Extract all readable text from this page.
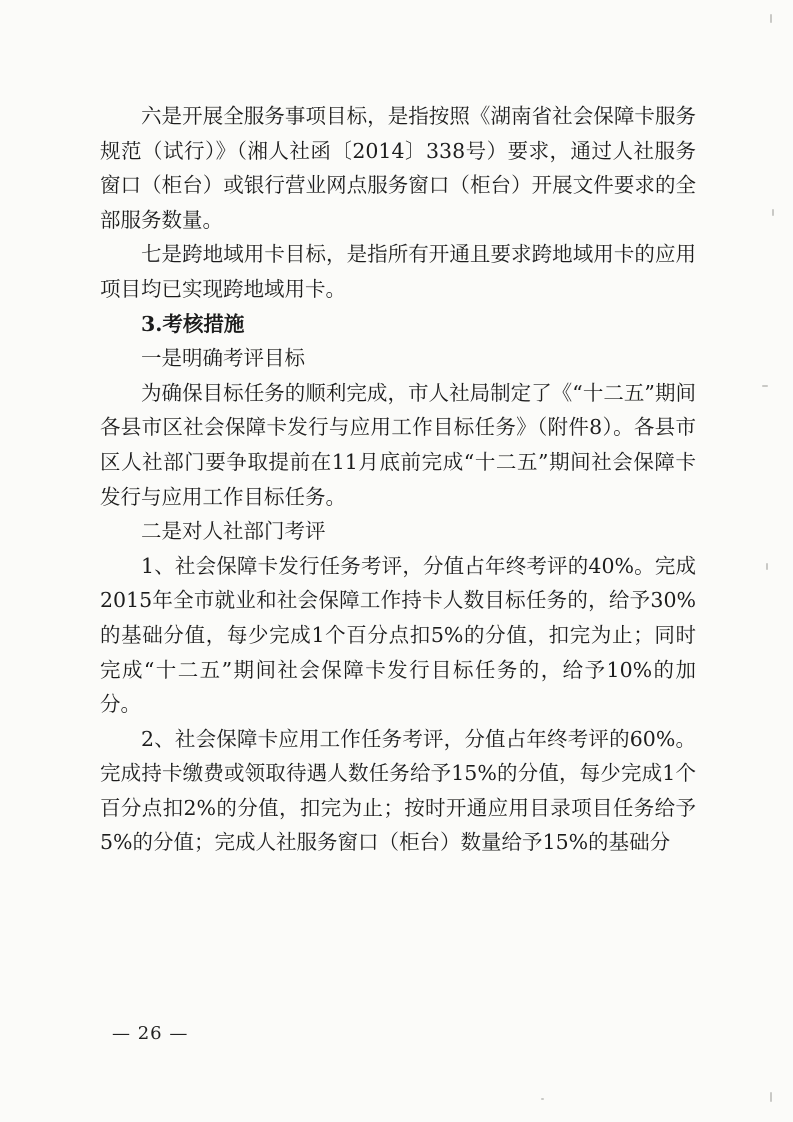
六是开展全服务事项目标，是指按照《湖南省社会保障卡服务规范（试行）》（湘人社函〔2014〕338号）要求，通过人社服务窗口（柜台）或银行营业网点服务窗口（柜台）开展文件要求的全部服务数量。

七是跨地域用卡目标，是指所有开通且要求跨地域用卡的应用项目均已实现跨地域用卡。

3.考核措施

一是明确考评目标

为确保目标任务的顺利完成，市人社局制定了《“十二五”期间各县市区社会保障卡发行与应用工作目标任务》（附件8）。各县市区人社部门要争取提前在11月底前完成“十二五”期间社会保障卡发行与应用工作目标任务。

二是对人社部门考评

1、社会保障卡发行任务考评，分值占年终考评的40%。完成2015年全市就业和社会保障工作持卡人数目标任务的，给予30%的基础分值，每少完成1个百分点扣5%的分值，扣完为止；同时完成“十二五”期间社会保障卡发行目标任务的，给予10%的加分。

2、社会保障卡应用工作任务考评，分值占年终考评的60%。完成持卡缴费或领取待遇人数任务给予15%的分值，每少完成1个百分点扣2%的分值，扣完为止；按时开通应用目录项目任务给予5%的分值；完成人社服务窗口（柜台）数量给予15%的基础分

— 26 —
